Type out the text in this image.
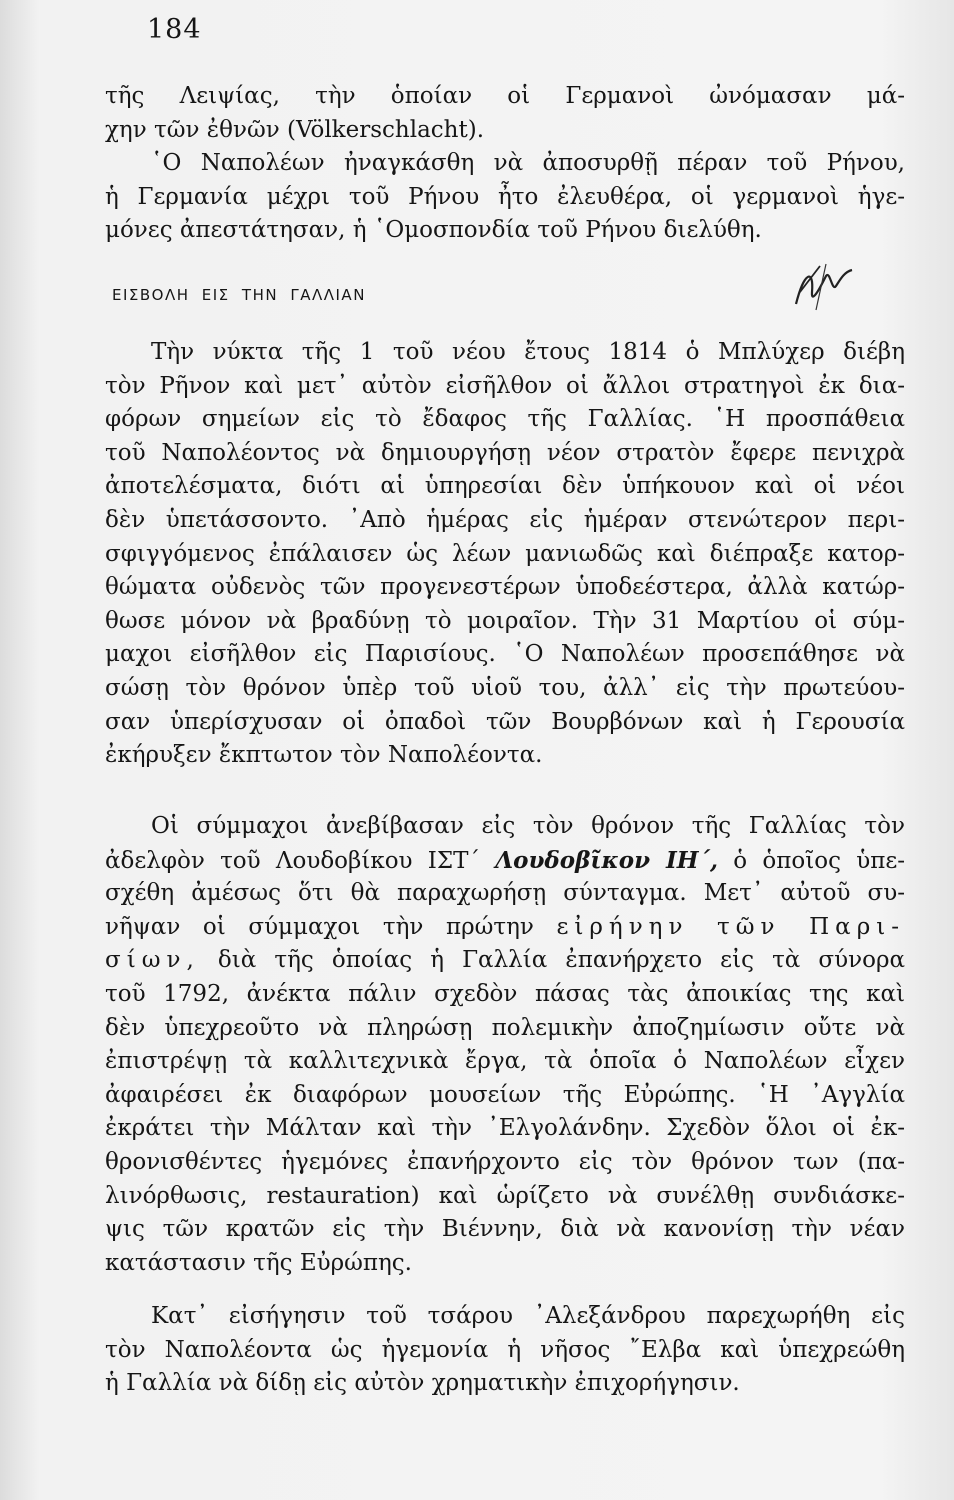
184
τῆς Λειψίας, τὴν ὁποίαν οἱ Γερμανοὶ ὠνόμασαν μά-
χην τῶν ἐθνῶν (Völkerschlacht).
῾Ο Ναπολέων ἠναγκάσθη νὰ ἀποσυρθῇ πέραν τοῦ Ρήνου,
ἡ Γερμανία μέχρι τοῦ Ρήνου ἦτο ἐλευθέρα, οἱ γερμανοὶ ἡγε-
μόνες ἀπεστάτησαν, ἡ ῾Ομοσπονδία τοῦ Ρήνου διελύθη.
ΕΙΣΒΟΛΗ ΕΙΣ ΤΗΝ ΓΑΛΛΙΑΝ
Τὴν νύκτα τῆς 1 τοῦ νέου ἔτους 1814 ὁ Μπλύχερ διέβη
τὸν Ρῆνον καὶ μετ᾽ αὐτὸν εἰσῆλθον οἱ ἄλλοι στρατηγοὶ ἐκ δια-
φόρων σημείων εἰς τὸ ἔδαφος τῆς Γαλλίας. ῾Η προσπάθεια
τοῦ Ναπολέοντος νὰ δημιουργήσῃ νέον στρατὸν ἔφερε πενιχρὰ
ἀποτελέσματα, διότι αἱ ὑπηρεσίαι δὲν ὑπήκουον καὶ οἱ νέοι
δὲν ὑπετάσσοντο. ᾽Απὸ ἡμέρας εἰς ἡμέραν στενώτερον περι-
σφιγγόμενος ἐπάλαισεν ὡς λέων μανιωδῶς καὶ διέπραξε κατορ-
θώματα οὐδενὸς τῶν προγενεστέρων ὑποδεέστερα, ἀλλὰ κατώρ-
θωσε μόνον νὰ βραδύνῃ τὸ μοιραῖον. Τὴν 31 Μαρτίου οἱ σύμ-
μαχοι εἰσῆλθον εἰς Παρισίους. ῾Ο Ναπολέων προσεπάθησε νὰ
σώσῃ τὸν θρόνον ὑπὲρ τοῦ υἱοῦ του, ἀλλ᾽ εἰς τὴν πρωτεύου-
σαν ὑπερίσχυσαν οἱ ὀπαδοὶ τῶν Βουρβόνων καὶ ἡ Γερουσία
ἐκήρυξεν ἔκπτωτον τὸν Ναπολέοντα.
Οἱ σύμμαχοι ἀνεβίβασαν εἰς τὸν θρόνον τῆς Γαλλίας τὸν
ἀδελφὸν τοῦ Λουδοβίκου ΙΣΤ΄ Λουδοβῖκον ΙΗ΄, ὁ ὁποῖος ὑπε-
σχέθη ἀμέσως ὅτι θὰ παραχωρήσῃ σύνταγμα. Μετ᾽ αὐτοῦ συ-
νῆψαν οἱ σύμμαχοι τὴν πρώτην εἰρήνην τῶν Παρι-
σίων, διὰ τῆς ὁποίας ἡ Γαλλία ἐπανήρχετο εἰς τὰ σύνορα
τοῦ 1792, ἀνέκτα πάλιν σχεδὸν πάσας τὰς ἀποικίας της καὶ
δὲν ὑπεχρεοῦτο νὰ πληρώσῃ πολεμικὴν ἀποζημίωσιν οὔτε νὰ
ἐπιστρέψῃ τὰ καλλιτεχνικὰ ἔργα, τὰ ὁποῖα ὁ Ναπολέων εἶχεν
ἀφαιρέσει ἐκ διαφόρων μουσείων τῆς Εὐρώπης. ῾Η ᾽Αγγλία
ἐκράτει τὴν Μάλταν καὶ τὴν ᾽Ελγολάνδην. Σχεδὸν ὅλοι οἱ ἐκ-
θρονισθέντες ἡγεμόνες ἐπανήρχοντο εἰς τὸν θρόνον των (πα-
λινόρθωσις, restauration) καὶ ὡρίζετο νὰ συνέλθῃ συνδιάσκε-
ψις τῶν κρατῶν εἰς τὴν Βιέννην, διὰ νὰ κανονίσῃ τὴν νέαν
κατάστασιν τῆς Εὐρώπης.
Κατ᾽ εἰσήγησιν τοῦ τσάρου ᾽Αλεξάνδρου παρεχωρήθη εἰς
τὸν Ναπολέοντα ὡς ἡγεμονία ἡ νῆσος ῎Ελβα καὶ ὑπεχρεώθη
ἡ Γαλλία νὰ δίδῃ εἰς αὐτὸν χρηματικὴν ἐπιχορήγησιν.
